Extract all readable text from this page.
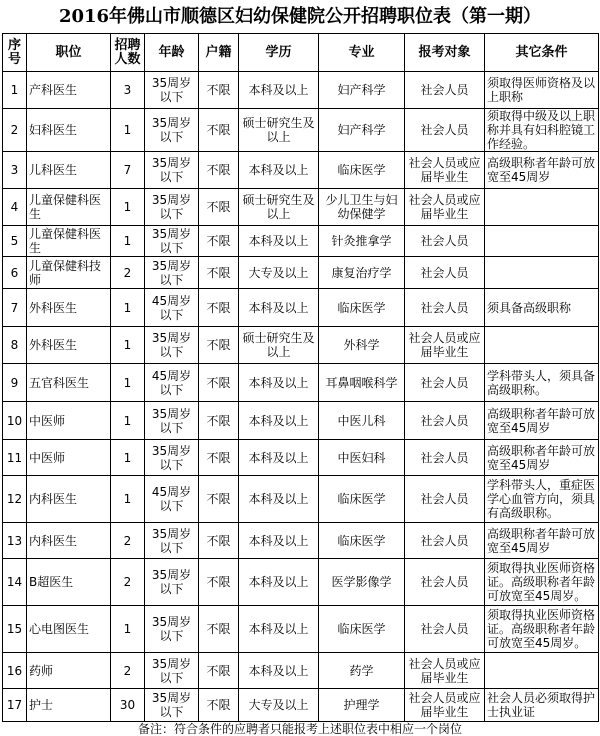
2016年佛山市顺德区妇幼保健院公开招聘职位表（第一期）
序号	职位	招聘人数	年龄	户籍	学历	专业	报考对象	其它条件
1	产科医生	3	35周岁以下	不限	本科及以上	妇产科学	社会人员	须取得医师资格及以上职称
2	妇科医生	1	35周岁以下	不限	硕士研究生及以上	妇产科学	社会人员	须取得中级及以上职称并具有妇科腔镜工作经验。
3	儿科医生	7	35周岁以下	不限	本科及以上	临床医学	社会人员或应届毕业生	高级职称者年龄可放宽至45周岁
4	儿童保健科医生	1	35周岁以下	不限	硕士研究生及以上	少儿卫生与妇幼保健学	社会人员或应届毕业生	
5	儿童保健科医生	1	35周岁以下	不限	本科及以上	针灸推拿学	社会人员	
6	儿童保健科技师	2	35周岁以下	不限	大专及以上	康复治疗学	社会人员	
7	外科医生	1	45周岁以下	不限	本科及以上	临床医学	社会人员	须具备高级职称
8	外科医生	1	35周岁以下	不限	硕士研究生及以上	外科学	社会人员或应届毕业生	
9	五官科医生	1	45周岁以下	不限	本科及以上	耳鼻咽喉科学	社会人员	学科带头人，须具备高级职称。
10	中医师	1	35周岁以下	不限	本科及以上	中医儿科	社会人员	高级职称者年龄可放宽至45周岁
11	中医师	1	35周岁以下	不限	本科及以上	中医妇科	社会人员	高级职称者年龄可放宽至45周岁
12	内科医生	1	45周岁以下	不限	本科及以上	临床医学	社会人员	学科带头人，重症医学心血管方向，须具有高级职称。
13	内科医生	2	35周岁以下	不限	本科及以上	临床医学	社会人员	高级职称者年龄可放宽至45周岁
14	B超医生	2	35周岁以下	不限	本科及以上	医学影像学	社会人员	须取得执业医师资格证。高级职称者年龄可放宽至45周岁。
15	心电图医生	1	35周岁以下	不限	本科及以上	临床医学	社会人员	须取得执业医师资格证。高级职称者年龄可放宽至45周岁。
16	药师	2	35周岁以下	不限	本科及以上	药学	社会人员或应届毕业生	
17	护士	30	35周岁以下	不限	大专及以上	护理学	社会人员或应届毕业生	社会人员必须取得护士执业证
备注：符合条件的应聘者只能报考上述职位表中相应一个岗位
